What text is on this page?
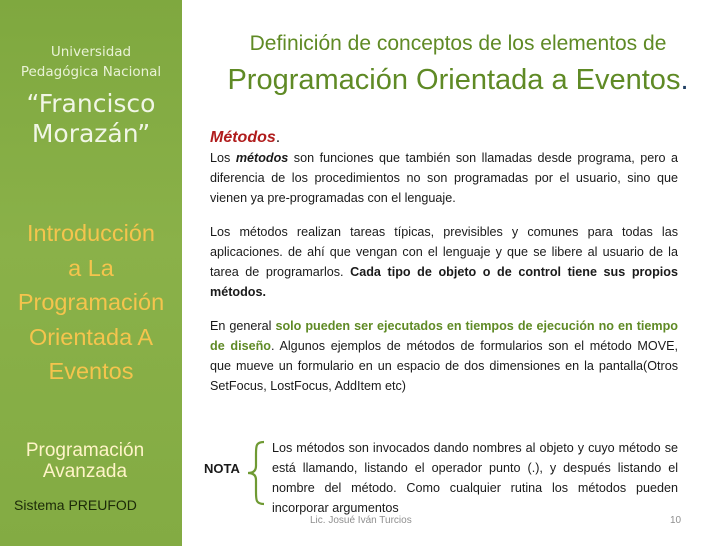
Universidad
Pedagógica Nacional
“Francisco Morazán”
Introducción
a La
Programación
Orientada A
Eventos
Programación
Avanzada
Sistema PREUFOD
Definición de conceptos de los elementos de
Programación Orientada a Eventos.
Métodos.

Los métodos son funciones que también son llamadas desde programa, pero a diferencia de los procedimientos no son programadas por el usuario, sino que vienen ya pre-programadas con el lenguaje.

Los métodos realizan tareas típicas, previsibles y comunes para todas las aplicaciones. de ahí que vengan con el lenguaje y que se libere al usuario de la tarea de programarlos. Cada tipo de objeto o de control tiene sus propios métodos.

En general solo pueden ser ejecutados en tiempos de ejecución no en tiempo de diseño. Algunos ejemplos de métodos de formularios son el método MOVE, que mueve un formulario en un espacio de dos dimensiones en la pantalla(Otros SetFocus, LostFocus, AddItem etc)

NOTA
Los métodos son invocados dando nombres al objeto y cuyo método se está llamando, listando el operador punto (.), y después listando el nombre del método. Como cualquier rutina los métodos pueden incorporar argumentos
Lic. Josué Iván Turcios	10
